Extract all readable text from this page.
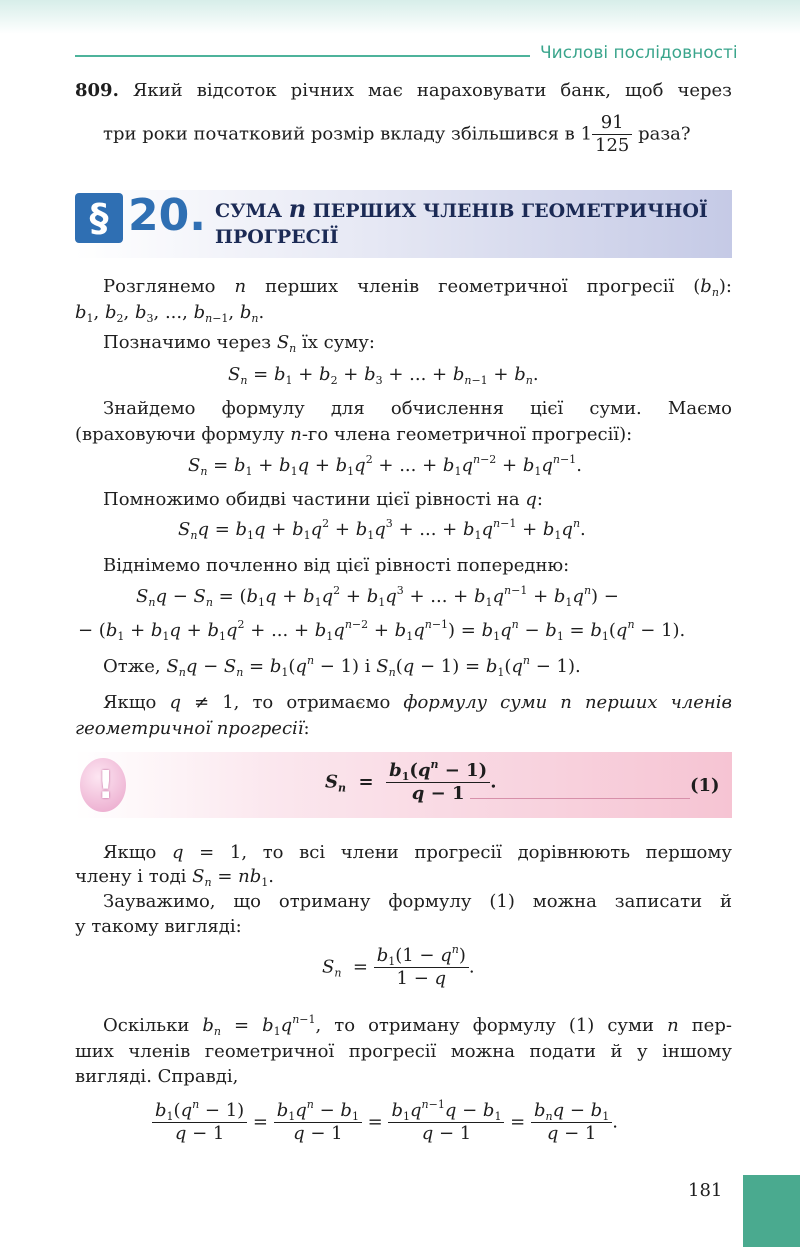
Числові послідовності
809. Який відсоток річних має нараховувати банк, щоб через
три роки початковий розмір вкладу збільшився в $1 \frac{91}{125}$ раза?
§ 20. СУМА n ПЕРШИХ ЧЛЕНІВ ГЕОМЕТРИЧНОЇ
ПРОГРЕСІЇ
Розглянемо n перших членів геометричної прогресії $(b_n)$:
$b_1$, $b_2$, $b_3$, ..., $b_{n-1}$, $b_n$.
Позначимо через $S_n$ їх суму:
$S_n = b_1 + b_2 + b_3$ + ... + $b_{n-1} + b_n$.
Знайдемо формулу для обчислення цієї суми. Маємо
(враховуючи формулу n-го члена геометричної прогресії):
$S_n = b_1 + b_1q + b_1q^2$ + ... + $b_1q^{n-2} + b_1q^{n-1}$.
Помножимо обидві частини цієї рівності на q:
$S_nq = b_1q + b_1q^2 + b_1q^3$ + ... + $b_1q^{n-1} + b_1q^n$.
Віднімемо почленно від цієї рівності попередню:
$S_nq - S_n = (b_1q + b_1q^2 + b_1q^3$ + ... + $b_1q^{n-1} + b_1q^n$) −
− ($b_1 + b_1q + b_1q^2$ + ... + $b_1q^{n-2} + b_1q^{n-1}) = b_1q^n - b_1 = b_1(q^n - 1)$.
Отже, $S_nq - S_n = b_1(q^n - 1)$ і $S_n(q - 1) = b_1(q^n - 1)$.
Якщо q ≠ 1, то отримаємо формулу суми n перших членів
геометричної прогресії:
!	$S_n = \frac{b_1(q^n - 1)}{q - 1}$ .	(1)
Якщо q = 1, то всі члени прогресії дорівнюють першому
члену і тоді $S_n = nb_1$.
Зауважимо, що отриману формулу (1) можна записати й
у такому вигляді:
$S_n = \frac{b_1(1 - q^n)}{1 - q}$ .
Оскільки $b_n = b_1q^{n-1}$, то отриману формулу (1) суми n пер-
ших членів геометричної прогресії можна подати й у іншому
вигляді. Справді,
$\frac{b_1(q^n - 1)}{q - 1} = \frac{b_1q^n - b_1}{q - 1} = \frac{b_1q^{n-1}q - b_1}{q - 1} = \frac{b_nq - b_1}{q - 1}$ .
181
